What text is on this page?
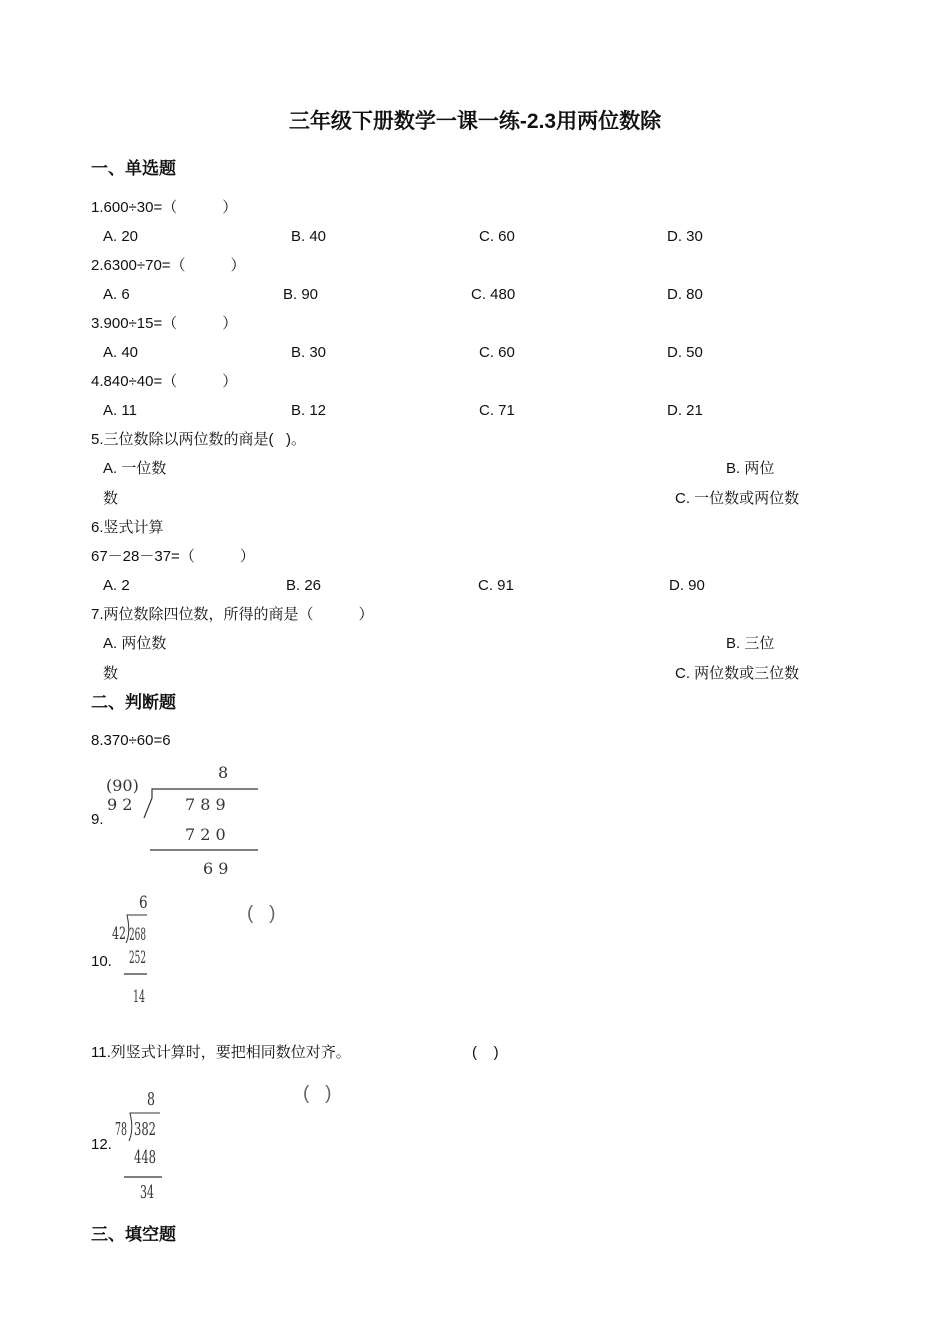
三年级下册数学一课一练-2.3用两位数除
一、单选题
1.600÷30=（　　　）
A. 20	B. 40	C. 60	D. 30
2.6300÷70=（　　　）
A. 6	B. 90	C. 480	D. 80
3.900÷15=（　　　）
A. 40	B. 30	C. 60	D. 50
4.840÷40=（　　　）
A. 11	B. 12	C. 71	D. 21
5.三位数除以两位数的商是(   )。
A. 一位数	B. 两位
数	C. 一位数或两位数
6.竖式计算
67－28－37=（　　　）
A. 2	B. 26	C. 91	D. 90
7.两位数除四位数，所得的商是（　　　）
A. 两位数	B. 三位
数	C. 两位数或三位数
二、判断题
8.370÷60=6
9.
(90)
9 2
8
7 8 9
7 2 0
6 9
10.
6
42 268
252
14
(   )
11.列竖式计算时，要把相同数位对齐。	(    )
12.
8
78 382
448
34
(   )
三、填空题
